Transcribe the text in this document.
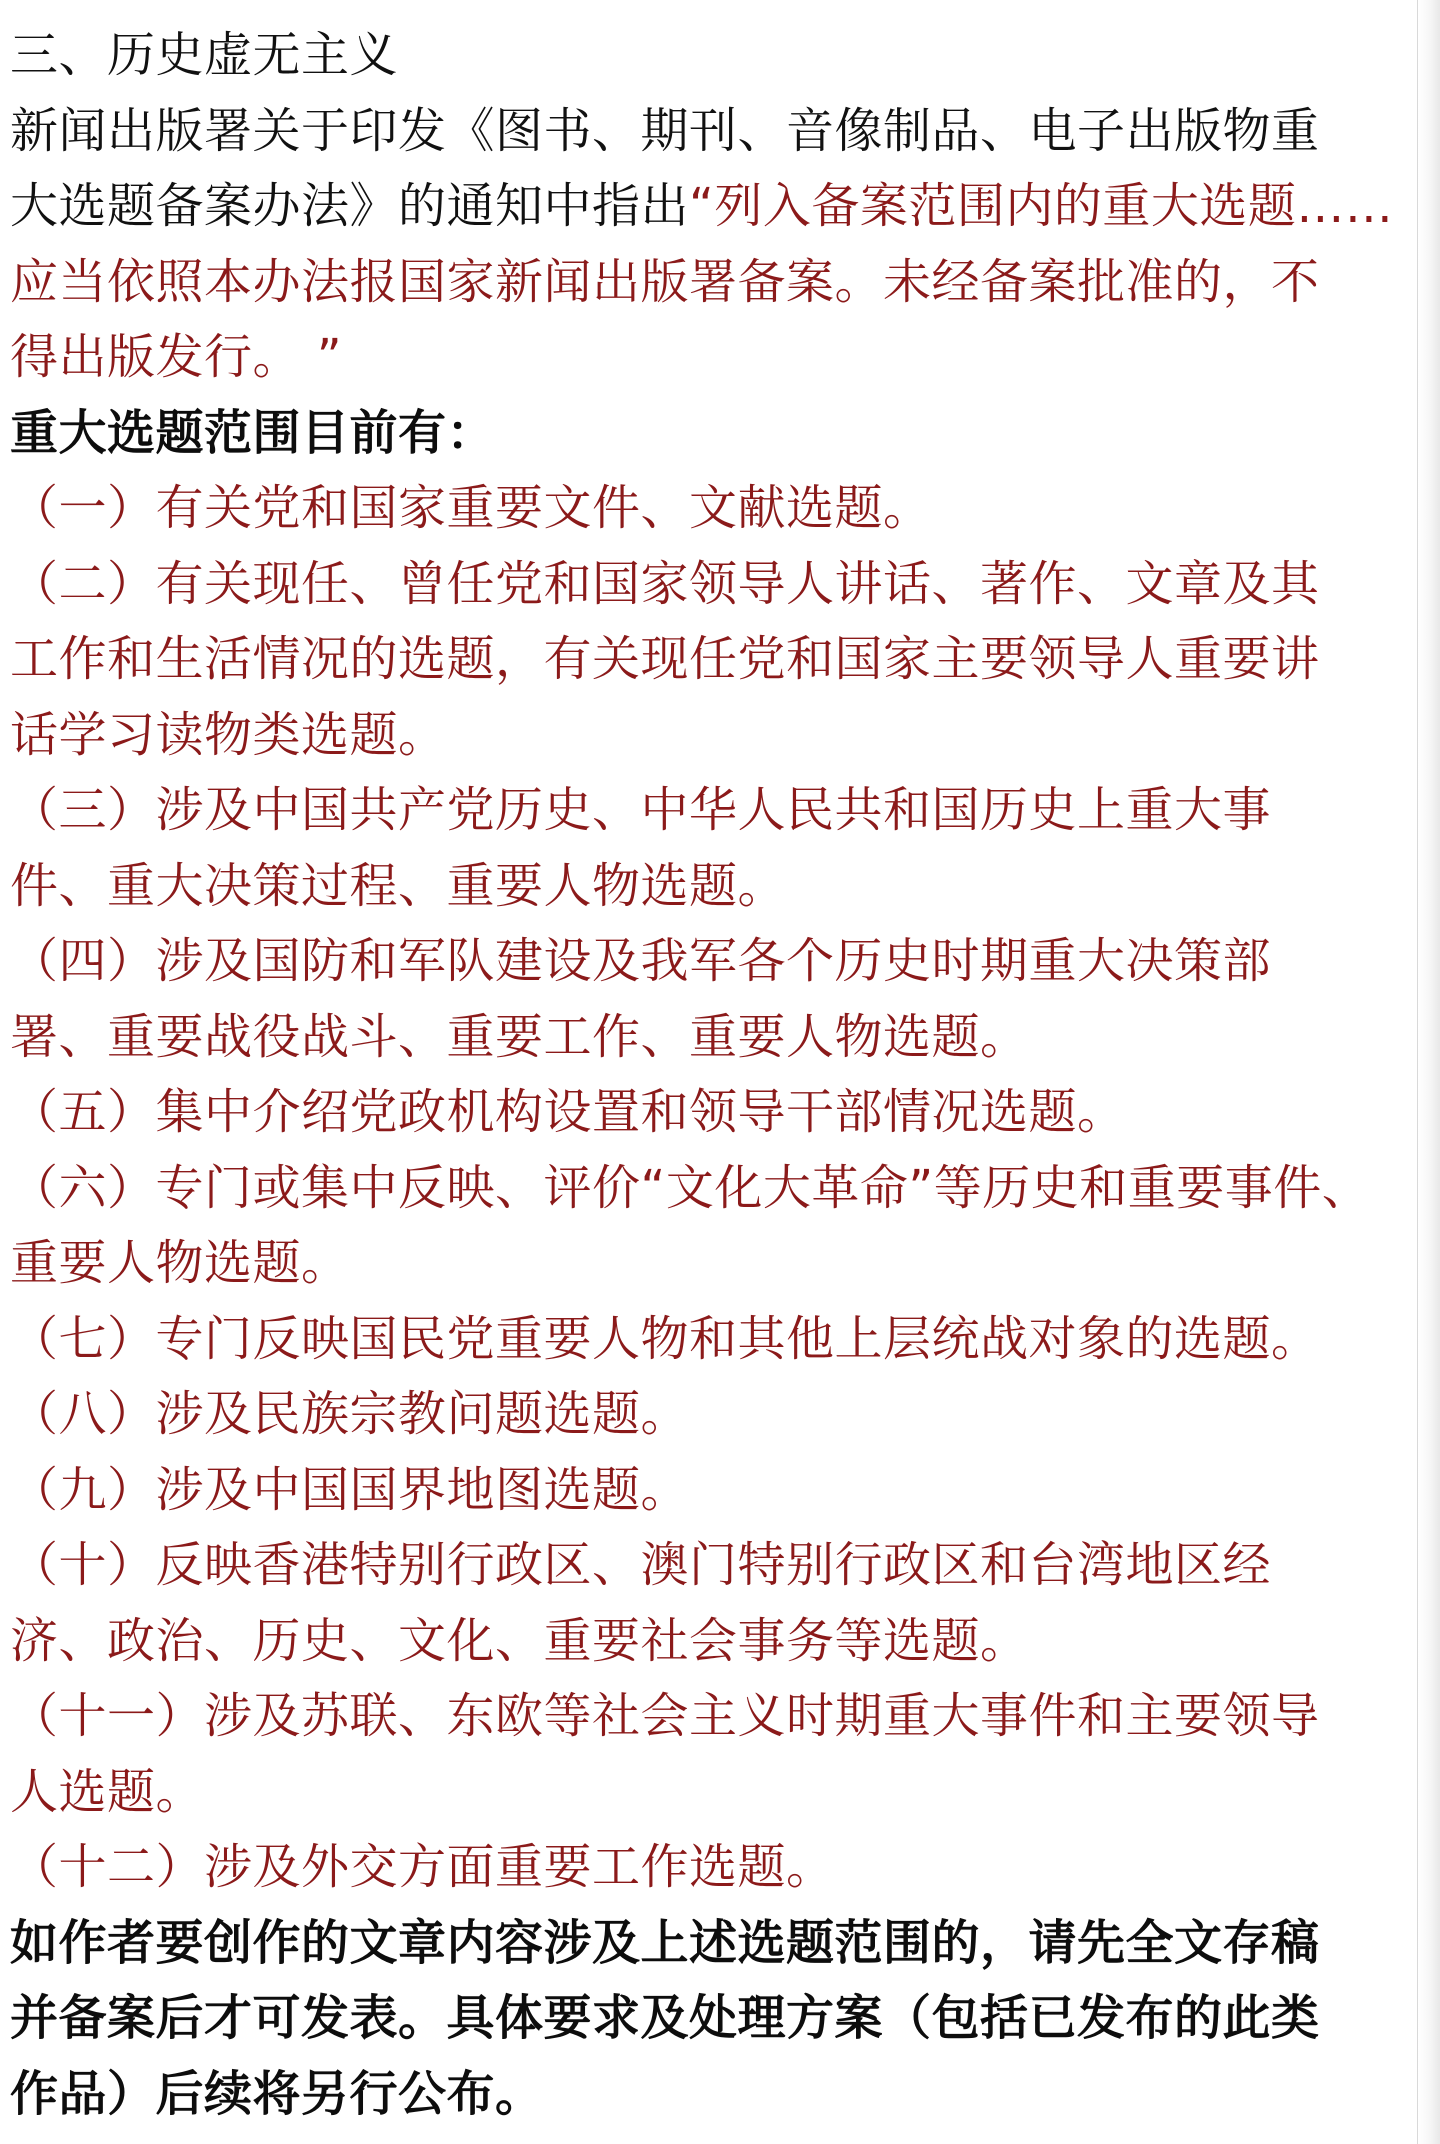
三、历史虚无主义

新闻出版署关于印发《图书、期刊、音像制品、电子出版物重

大选题备案办法》的通知中指出“列入备案范围内的重大选题……

应当依照本办法报国家新闻出版署备案。未经备案批准的，不

得出版发行。 ”

重大选题范围目前有：

（一）有关党和国家重要文件、文献选题。

（二）有关现任、曾任党和国家领导人讲话、著作、文章及其

工作和生活情况的选题，有关现任党和国家主要领导人重要讲

话学习读物类选题。

（三）涉及中国共产党历史、中华人民共和国历史上重大事

件、重大决策过程、重要人物选题。

（四）涉及国防和军队建设及我军各个历史时期重大决策部

署、重要战役战斗、重要工作、重要人物选题。

（五）集中介绍党政机构设置和领导干部情况选题。

（六）专门或集中反映、评价“文化大革命”等历史和重要事件、

重要人物选题。

（七）专门反映国民党重要人物和其他上层统战对象的选题。

（八）涉及民族宗教问题选题。

（九）涉及中国国界地图选题。

（十）反映香港特别行政区、澳门特别行政区和台湾地区经

济、政治、历史、文化、重要社会事务等选题。

（十一）涉及苏联、东欧等社会主义时期重大事件和主要领导

人选题。

（十二）涉及外交方面重要工作选题。

如作者要创作的文章内容涉及上述选题范围的，请先全文存稿

并备案后才可发表。具体要求及处理方案（包括已发布的此类

作品）后续将另行公布。
